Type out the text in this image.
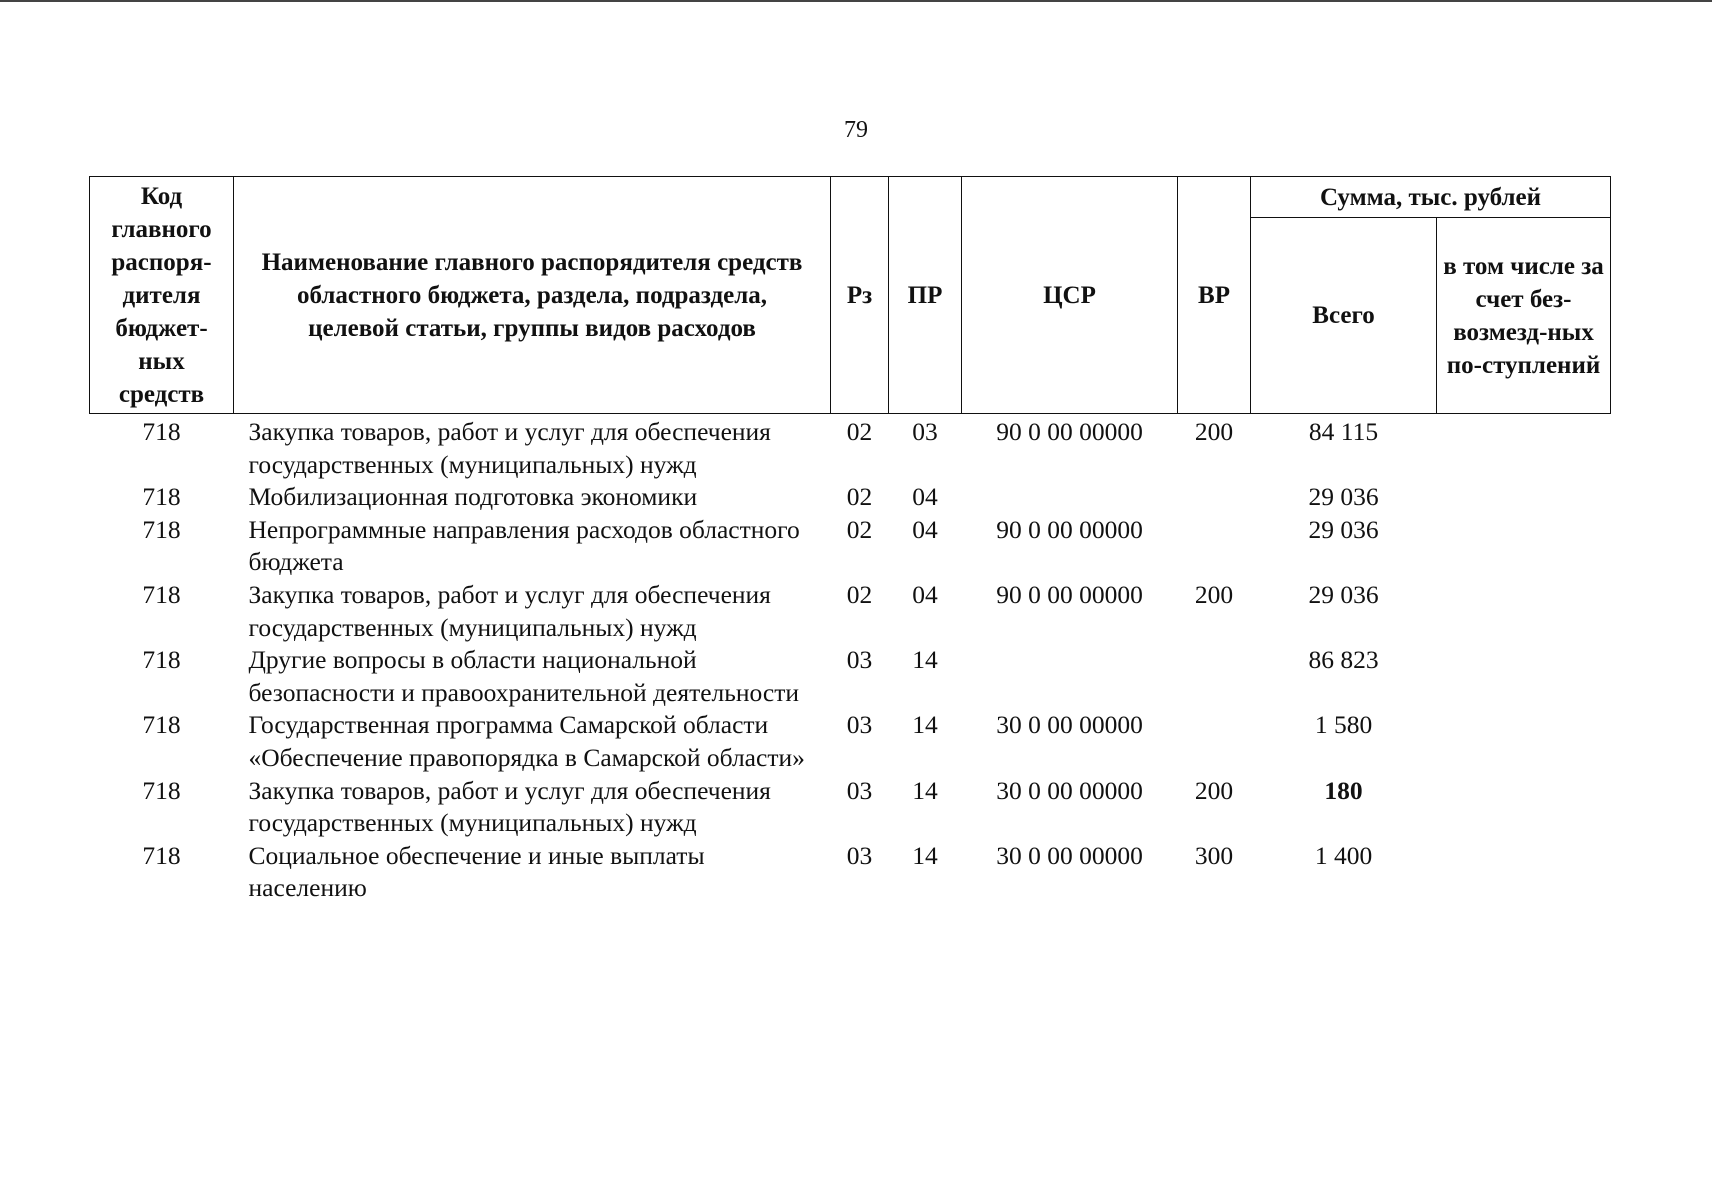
79
Код главного распоря-дителя бюджет-ных средств	Наименование главного распорядителя средств областного бюджета, раздела, подраздела, целевой статьи, группы видов расходов	Рз	ПР	ЦСР	ВР	Сумма, тыс. рублей	
						Всего	в том числе за счет без-возмезд-ных по-ступлений
718	Закупка товаров, работ и услуг для обеспечения государственных (муниципальных) нужд	02	03	90 0 00 00000	200	84 115	
718	Мобилизационная подготовка экономики	02	04			29 036	
718	Непрограммные направления расходов областного бюджета	02	04	90 0 00 00000		29 036	
718	Закупка товаров, работ и услуг для обеспечения государственных (муниципальных) нужд	02	04	90 0 00 00000	200	29 036	
718	Другие вопросы в области национальной безопасности и правоохранительной деятельности	03	14			86 823	
718	Государственная программа Самарской области «Обеспечение правопорядка в Самарской области»	03	14	30 0 00 00000		1 580	
718	Закупка товаров, работ и услуг для обеспечения государственных (муниципальных) нужд	03	14	30 0 00 00000	200	180	
718	Социальное обеспечение и иные выплаты населению	03	14	30 0 00 00000	300	1 400	
